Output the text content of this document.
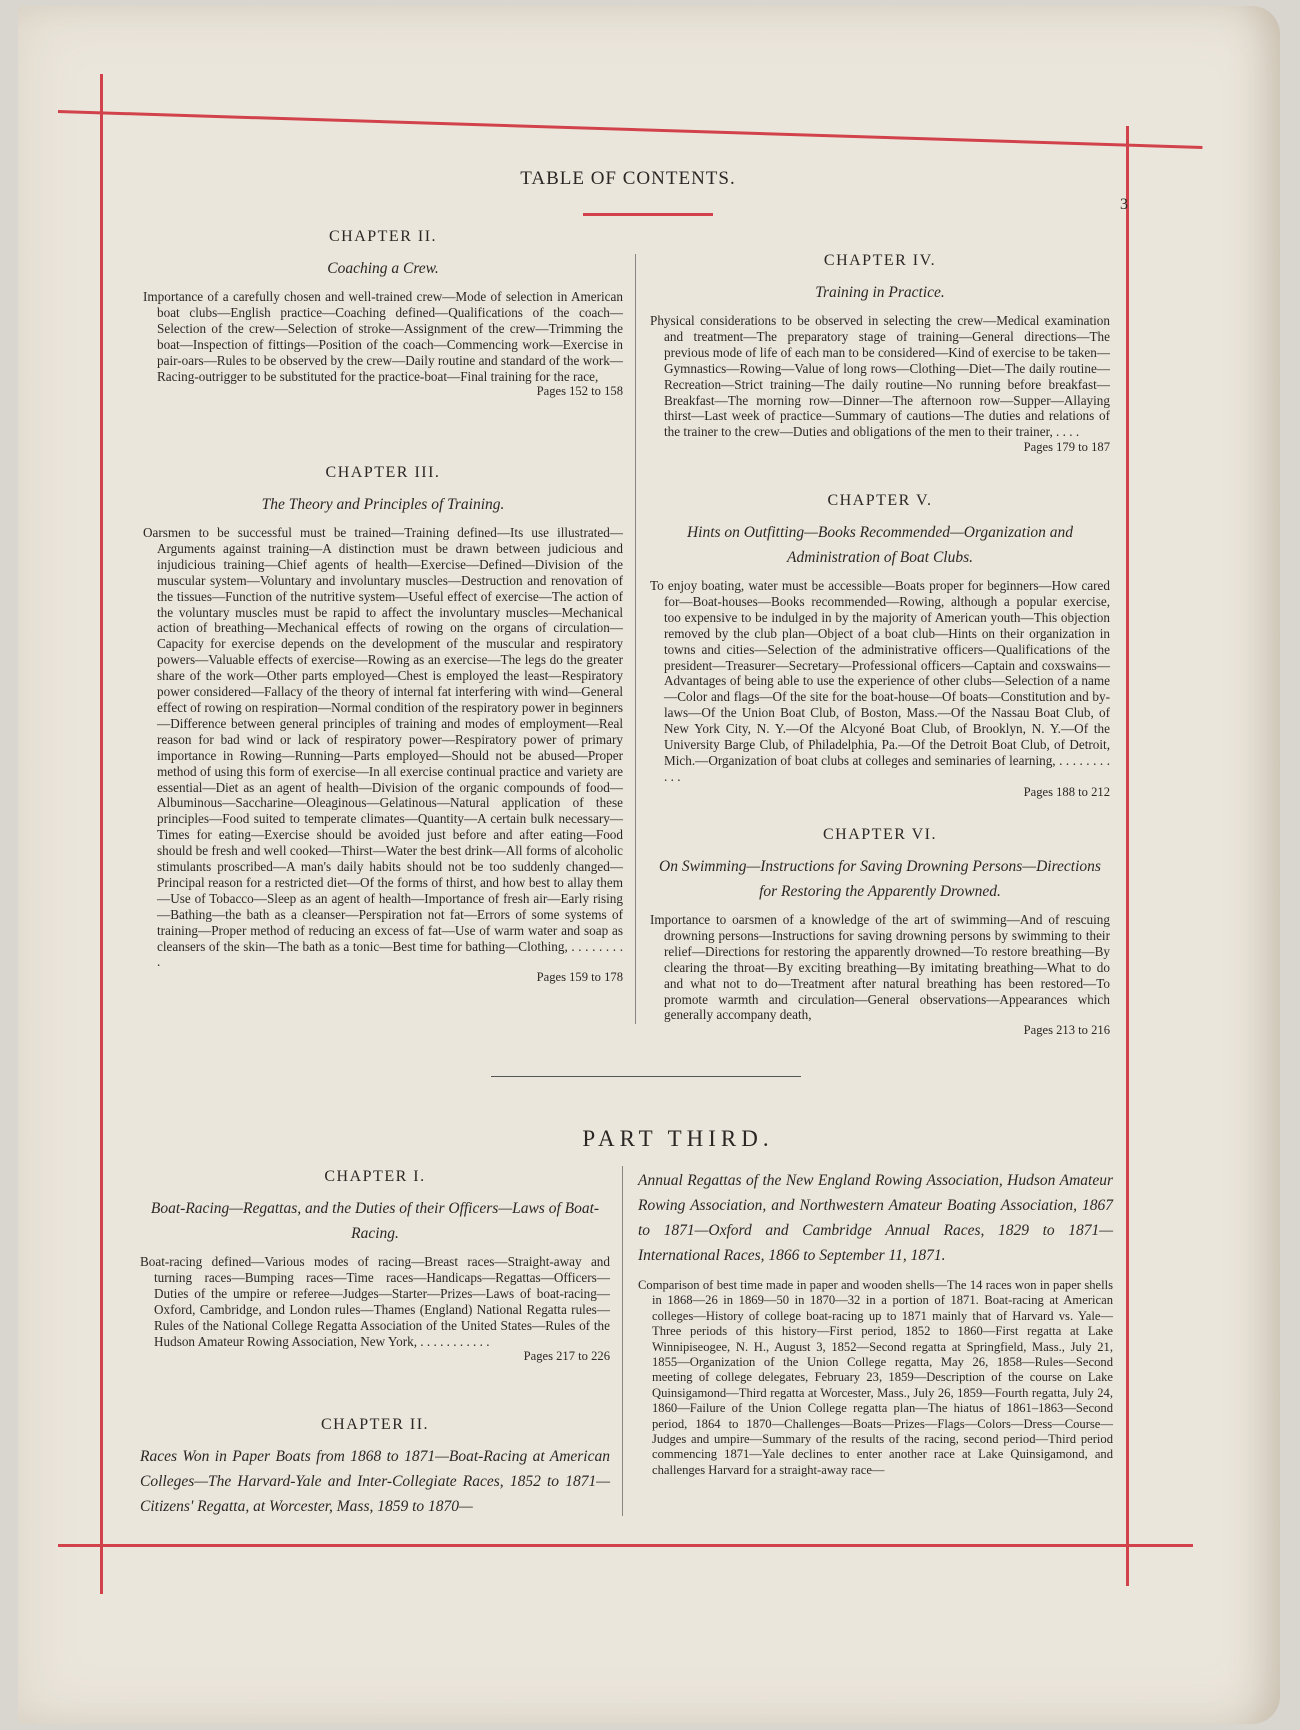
TABLE OF CONTENTS.
3
CHAPTER II.
Coaching a Crew.

Importance of a carefully chosen and well-trained crew—Mode of selection in American boat clubs—English practice—Coaching defined—Qualifications of the coach—Selection of the crew—Selection of stroke—Assignment of the crew—Trimming the boat—Inspection of fittings—Position of the coach—Commencing work—Exercise in pair-oars—Rules to be observed by the crew—Daily routine and standard of the work—Racing-outrigger to be substituted for the practice-boat—Final training for the race,
Pages 152 to 158

CHAPTER III.
The Theory and Principles of Training.

Oarsmen to be successful must be trained—Training defined—Its use illustrated—Arguments against training—A distinction must be drawn between judicious and injudicious training—Chief agents of health—Exercise—Defined—Division of the muscular system—Voluntary and involuntary muscles—Destruction and renovation of the tissues—Function of the nutritive system—Useful effect of exercise—The action of the voluntary muscles must be rapid to affect the involuntary muscles—Mechanical action of breathing—Mechanical effects of rowing on the organs of circulation—Capacity for exercise depends on the development of the muscular and respiratory powers—Valuable effects of exercise—Rowing as an exercise—The legs do the greater share of the work—Other parts employed—Chest is employed the least—Respiratory power considered—Fallacy of the theory of internal fat interfering with wind—General effect of rowing on respiration—Normal condition of the respiratory power in beginners—Difference between general principles of training and modes of employment—Real reason for bad wind or lack of respiratory power—Respiratory power of primary importance in Rowing—Running—Parts employed—Should not be abused—Proper method of using this form of exercise—In all exercise continual practice and variety are essential—Diet as an agent of health—Division of the organic compounds of food—Albuminous—Saccharine—Oleaginous—Gelatinous—Natural application of these principles—Food suited to temperate climates—Quantity—A certain bulk necessary—Times for eating—Exercise should be avoided just before and after eating—Food should be fresh and well cooked—Thirst—Water the best drink—All forms of alcoholic stimulants proscribed—A man's daily habits should not be too suddenly changed—Principal reason for a restricted diet—Of the forms of thirst, and how best to allay them—Use of Tobacco—Sleep as an agent of health—Importance of fresh air—Early rising—Bathing—the bath as a cleanser—Perspiration not fat—Errors of some systems of training—Proper method of reducing an excess of fat—Use of warm water and soap as cleansers of the skin—The bath as a tonic—Best time for bathing—Clothing, . . . . . . . . .
Pages 159 to 178

CHAPTER IV.
Training in Practice.

Physical considerations to be observed in selecting the crew—Medical examination and treatment—The preparatory stage of training—General directions—The previous mode of life of each man to be considered—Kind of exercise to be taken—Gymnastics—Rowing—Value of long rows—Clothing—Diet—The daily routine—Recreation—Strict training—The daily routine—No running before breakfast—Breakfast—The morning row—Dinner—The afternoon row—Supper—Allaying thirst—Last week of practice—Summary of cautions—The duties and relations of the trainer to the crew—Duties and obligations of the men to their trainer, . . . .
Pages 179 to 187

CHAPTER V.
Hints on Outfitting—Books Recommended—Organization and Administration of Boat Clubs.

To enjoy boating, water must be accessible—Boats proper for beginners—How cared for—Boat-houses—Books recommended—Rowing, although a popular exercise, too expensive to be indulged in by the majority of American youth—This objection removed by the club plan—Object of a boat club—Hints on their organization in towns and cities—Selection of the administrative officers—Qualifications of the president—Treasurer—Secretary—Professional officers—Captain and coxswains—Advantages of being able to use the experience of other clubs—Selection of a name—Color and flags—Of the site for the boat-house—Of boats—Constitution and by-laws—Of the Union Boat Club, of Boston, Mass.—Of the Nassau Boat Club, of New York City, N. Y.—Of the Alcyoné Boat Club, of Brooklyn, N. Y.—Of the University Barge Club, of Philadelphia, Pa.—Of the Detroit Boat Club, of Detroit, Mich.—Organization of boat clubs at colleges and seminaries of learning, . . . . . . . . . . .
Pages 188 to 212

CHAPTER VI.
On Swimming—Instructions for Saving Drowning Persons—Directions for Restoring the Apparently Drowned.

Importance to oarsmen of a knowledge of the art of swimming—And of rescuing drowning persons—Instructions for saving drowning persons by swimming to their relief—Directions for restoring the apparently drowned—To restore breathing—By clearing the throat—By exciting breathing—By imitating breathing—What to do and what not to do—Treatment after natural breathing has been restored—To promote warmth and circulation—General observations—Appearances which generally accompany death,
Pages 213 to 216

PART THIRD.
CHAPTER I.
Boat-Racing—Regattas, and the Duties of their Officers—Laws of Boat-Racing.

Boat-racing defined—Various modes of racing—Breast races—Straight-away and turning races—Bumping races—Time races—Handicaps—Regattas—Officers—Duties of the umpire or referee—Judges—Starter—Prizes—Laws of boat-racing—Oxford, Cambridge, and London rules—Thames (England) National Regatta rules—Rules of the National College Regatta Association of the United States—Rules of the Hudson Amateur Rowing Association, New York, . . . . . . . . . . .
Pages 217 to 226

CHAPTER II.
Races Won in Paper Boats from 1868 to 1871—Boat-Racing at American Colleges—The Harvard-Yale and Inter-Collegiate Races, 1852 to 1871—Citizens' Regatta, at Worcester, Mass, 1859 to 1870—
Annual Regattas of the New England Rowing Association, Hudson Amateur Rowing Association, and Northwestern Amateur Boating Association, 1867 to 1871—Oxford and Cambridge Annual Races, 1829 to 1871—International Races, 1866 to September 11, 1871.

Comparison of best time made in paper and wooden shells—The 14 races won in paper shells in 1868—26 in 1869—50 in 1870—32 in a portion of 1871. Boat-racing at American colleges—History of college boat-racing up to 1871 mainly that of Harvard vs. Yale—Three periods of this history—First period, 1852 to 1860—First regatta at Lake Winnipiseogee, N. H., August 3, 1852—Second regatta at Springfield, Mass., July 21, 1855—Organization of the Union College regatta, May 26, 1858—Rules—Second meeting of college delegates, February 23, 1859—Description of the course on Lake Quinsigamond—Third regatta at Worcester, Mass., July 26, 1859—Fourth regatta, July 24, 1860—Failure of the Union College regatta plan—The hiatus of 1861–1863—Second period, 1864 to 1870—Challenges—Boats—Prizes—Flags—Colors—Dress—Course—Judges and umpire—Summary of the results of the racing, second period—Third period commencing 1871—Yale declines to enter another race at Lake Quinsigamond, and challenges Harvard for a straight-away race—
